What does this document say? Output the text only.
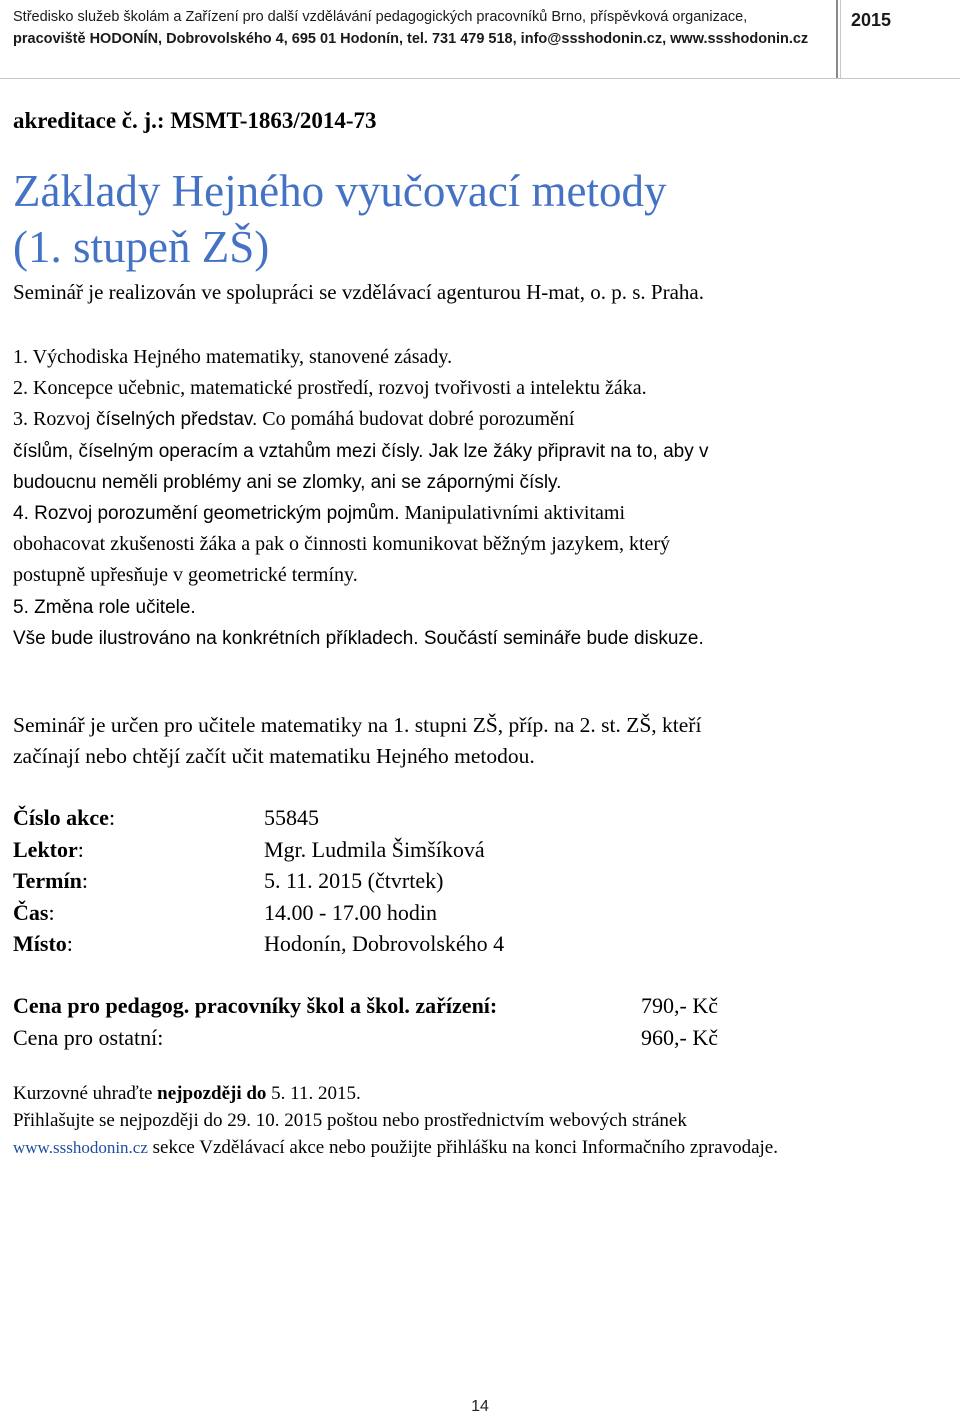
Středisko služeb školám a Zařízení pro další vzdělávání pedagogických pracovníků Brno, příspěvková organizace,
pracoviště HODONÍN, Dobrovolského 4, 695 01 Hodonín, tel. 731 479 518, info@ssshodonin.cz, www.ssshodonin.cz
2015
akreditace č. j.: MSMT-1863/2014-73
Základy Hejného vyučovací metody
(1. stupeň ZŠ)
Seminář je realizován ve spolupráci se vzdělávací agenturou H-mat, o. p. s. Praha.

1. Východiska Hejného matematiky, stanovené zásady.

2. Koncepce učebnic, matematické prostředí, rozvoj tvořivosti a intelektu žáka.

3. Rozvoj číselných představ. Co pomáhá budovat dobré porozumění

číslům, číselným operacím a vztahům mezi čísly. Jak lze žáky připravit na to, aby v

budoucnu neměli problémy ani se zlomky, ani se zápornými čísly.

4. Rozvoj porozumění geometrickým pojmům. Manipulativními aktivitami

obohacovat zkušenosti žáka a pak o činnosti komunikovat běžným jazykem, který

postupně upřesňuje v geometrické termíny.

5. Změna role učitele.

Vše bude ilustrováno na konkrétních příkladech. Součástí semináře bude diskuze.

Seminář je určen pro učitele matematiky na 1. stupni ZŠ, příp. na 2. st. ZŠ, kteří

začínají nebo chtějí začít učit matematiku Hejného metodou.

Číslo akce:	55845
Lektor:	Mgr. Ludmila Šimšíková
Termín:	5. 11. 2015 (čtvrtek)
Čas:	14.00 - 17.00 hodin
Místo:	Hodonín, Dobrovolského 4
Cena pro pedagog. pracovníky škol a škol. zařízení:	790,- Kč
Cena pro ostatní:	960,- Kč

Kurzovné uhraďte nejpozději do 5. 11. 2015.

Přihlašujte se nejpozději do 29. 10. 2015 poštou nebo prostřednictvím webových stránek

www.ssshodonin.cz sekce Vzdělávací akce nebo použijte přihlášku na konci Informačního zpravodaje.

14
